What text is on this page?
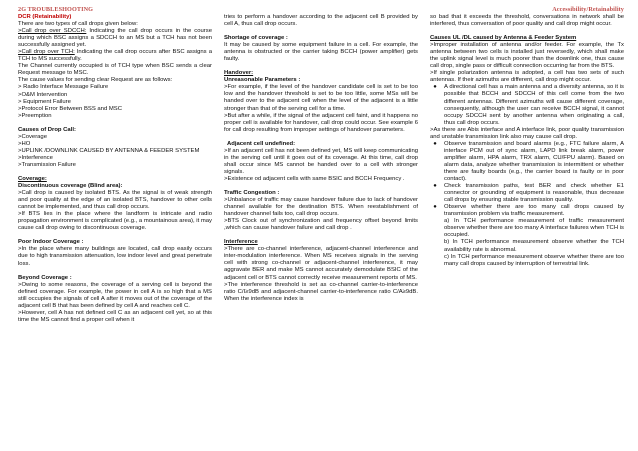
2G TROUBLESHOOTING	Accessibility/Retainability

DCR (Retainability)

There are two types of call drops given below:

>Call drop over SDCCH: Indicating the call drop occurs in the course during which BSC assigns a SDCCH to an MS but a TCH has not been successfully assigned yet.

>Call drop over TCH: Indicating the call drop occurs after BSC assigns a TCH to MS successfully.

The Channel currently occupied is of TCH type when BSC sends a clear Request message to MSC.

The cause values for sending clear Request are as follows:

> Radio Interface Message Failure

>O&M Intervention

> Equipment Failure

>Protocol Error Between BSS and MSC

>Preemption

Causes of Drop Call:

>Coverage

>HO

>UPLINK /DOWNLINK CAUSED BY ANTENNA & FEEDER SYSTEM

>Interference

>Transmission Failure

Coverage:

Discontinuous coverage (Blind area):

>Call drop is caused by isolated BTS. As the signal is of weak strength and poor quality at the edge of an isolated BTS, handover to other cells cannot be implemented, and thus call drop occurs.

>If BTS lies in the place where the landform is intricate and radio propagation environment is complicated (e.g., a mountainous area), it may cause call drop owing to discontinuous coverage.

Poor Indoor Coverage :

>In the place where many buildings are located, call drop easily occurs due to high transmission attenuation, low indoor level and great penetrate loss.

Beyond Coverage :

>Owing to some reasons, the coverage of a serving cell is beyond the defined coverage. For example, the power in cell A is so high that a MS still occupies the signals of cell A after it moves out of the coverage of the adjacent cell B that has been defined by cell A and reaches cell C.

>However, cell A has not defined cell C as an adjacent cell yet, so at this time the MS cannot find a proper cell when it

tries to perform a handover according to the adjacent cell B provided by cell A, thus call drop occurs.

Shortage of coverage :

It may be caused by some equipment failure in a cell. For example, the antenna is obstructed or the carrier taking BCCH (power amplifier) gets faulty.

Handover:

Unreasonable Parameters :

>For example, if the level of the handover candidate cell is set to be too low and the handover threshold is set to be too little, some MSs will be handed over to the adjacent cell when the level of the adjacent is a little stronger than that of the serving cell for a time.

>But after a while, if the signal of the adjacent cell faint, and it happens no proper cell is available for handover, call drop could occur. See example 6 for call drop resulting from improper settings of handover parameters.

Adjacent cell undefined:

>If an adjacent cell has not been defined yet, MS will keep communicating in the serving cell until it goes out of its coverage. At this time, call drop shall occur since MS cannot be handed over to a cell with stronger signals.

>Existence od adjacent cells with same BSIC and BCCH Frequency .

Traffic Congestion :

>Unbalance of traffic may cause handover failure due to lack of handover channel available for the destination BTS. When reestablishment of handover channel fails too, call drop occurs.

>BTS Clock out of synchronization and frequency offset beyond limits ,which can cause handover failure and call drop .

Interference

>There are co-channel interference, adjacent-channel interference and inter-modulation interference. When MS receives signals in the serving cell with strong co-channel or adjacent-channel interference, it may aggravate BER and make MS cannot accurately demodulate BSIC of the adjacent cell or BTS cannot correctly receive measurement reports of MS.

>The interference threshold is set as co-channel carrier-to-interference ratio C/I≥9dB and adjacent-channel carrier-to-interference ratio C/A≥9dB. When the interference index is

so bad that it exceeds the threshold, conversations in network shall be interfered, thus conversation of poor quality and call drop might occur.

Causes UL /DL caused by Antenna & Feeder System

>Improper installation of antenna and/or feeder. For example, the Tx antenna between two cells is installed just reversedly, which shall make the uplink signal level is much poorer than the downlink one, thus cause call drop, single pass or difficult connection occurring far from the BTS.

>If single polarization antenna is adopted, a cell has two sets of such antennas. If their azimuths are different, call drop might occur.

●	A directional cell has a main antenna and a diversity antenna, so it is possible that BCCH and SDCCH of this cell come from the two different antennas. Different azimuths will cause different coverage, consequently, although the user can receive BCCH signal, it cannot occupy SDCCH sent by another antenna when originating a call, thus call drop occurs.

>As there are Abis interface and A interface link, poor quality transmission and unstable transmission link also may cause call drop.

●	Observe transmission and board alarms (e.g., FTC failure alarm, A interface PCM out of sync alarm, LAPD link break alarm, power amplifier alarm, HPA alarm, TRX alarm, CU/FPU alarm). Based on alarm data, analyze whether transmission is intermittent or whether there are faulty boards (e.g., the carrier board is faulty or in poor contact).
●	Check transmission paths, test BER and check whether E1 connector or grounding of equipment is reasonable, thus decrease call drops by ensuring stable transmission quality.
●	Observe whether there are too many call drops caused by transmission problem via traffic measurement.

a) In TCH performance measurement of traffic measurement observe whether there are too many A interface failures when TCH is occupied.

b) In TCH performance measurement observe whether the TCH availability rate is abnormal.

c) In TCH performance measurement observe whether there are too many call drops caused by interruption of terrestrial link.
